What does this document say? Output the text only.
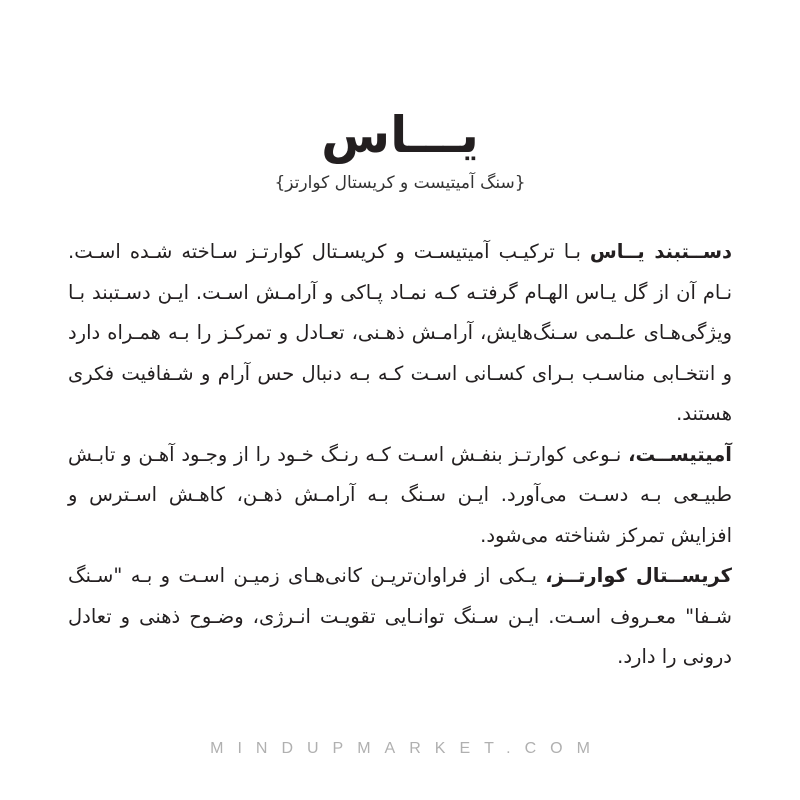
یـــاس
{سنگ آمیتیست و کریستال کوارتز}

دســتبند یــاس بـا ترکیـب آمیتیسـت و کریسـتال کوارتـز سـاخته شـده اسـت. نـام آن از گل یـاس الهـام گرفتـه کـه نمـاد پـاکی و آرامـش اسـت. ایـن دسـتبند بـا ویژگی‌هـای علـمی سـنگ‌هایش، آرامـش ذهـنی، تعـادل و تمرکـز را بـه همـراه دارد و انتخـابی مناسـب بـرای کسـانی اسـت کـه بـه دنبال حس آرام و شـفافیت فکری هستند.

آمیتیســت، نـوعی کوارتـز بنفـش اسـت کـه رنـگ خـود را از وجـود آهـن و تابـش طبیـعی بـه دسـت می‌آورد. ایـن سـنگ بـه آرامـش ذهـن، کاهـش اسـترس و افزایش تمرکز شناخته می‌شود.

کریســتال کوارتــز، یـکی از فراوان‌تریـن کانی‌هـای زمیـن اسـت و بـه "سـنگ شـفا" معـروف اسـت. ایـن سـنگ توانـایی تقویـت انـرژی، وضـوح ذهنی و تعادل درونی را دارد.

MINDUPMARKET.COM
